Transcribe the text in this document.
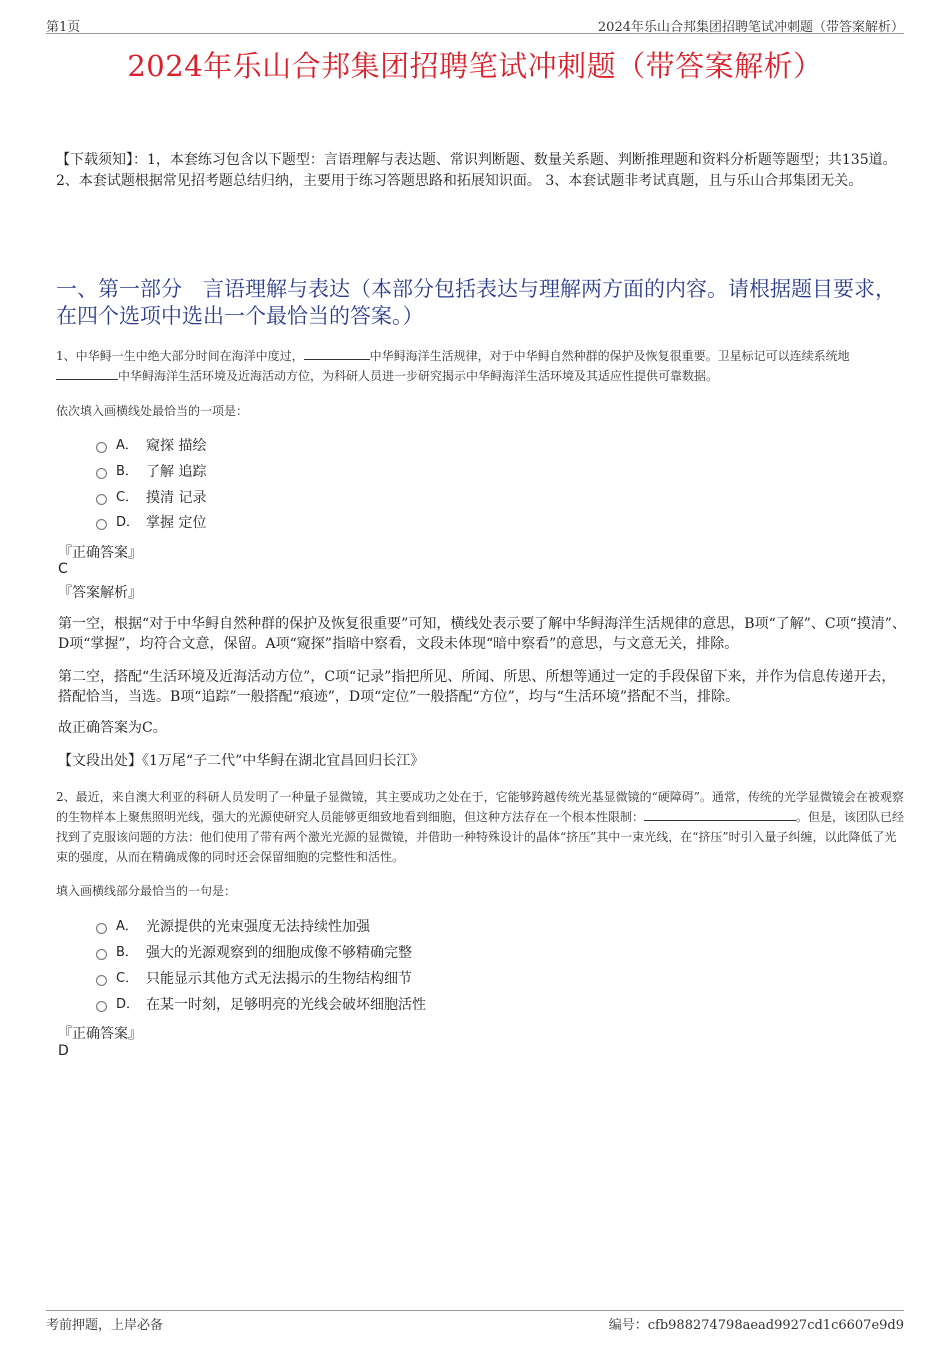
第1页	2024年乐山合邦集团招聘笔试冲刺题（带答案解析）
2024年乐山合邦集团招聘笔试冲刺题（带答案解析）
【下载须知】：1，本套练习包含以下题型：言语理解与表达题、常识判断题、数量关系题、判断推理题和资料分析题等题型；共135道。 2、本套试题根据常见招考题总结归纳，主要用于练习答题思路和拓展知识面。 3、本套试题非考试真题，且与乐山合邦集团无关。
一、第一部分　言语理解与表达（本部分包括表达与理解两方面的内容。请根据题目要求，在四个选项中选出一个最恰当的答案。）
1、中华鲟一生中绝大部分时间在海洋中度过，	中华鲟海洋生活规律，对于中华鲟自然种群的保护及恢复很重要。卫星标记可以连续系统地中华鲟海洋生活环境及近海活动方位，为科研人员进一步研究揭示中华鲟海洋生活环境及其适应性提供可靠数据。
依次填入画横线处最恰当的一项是：
A． 窥探 描绘
B． 了解 追踪
C． 摸清 记录
D． 掌握 定位
『正确答案』
C
『答案解析』
第一空，根据“对于中华鲟自然种群的保护及恢复很重要”可知，横线处表示要了解中华鲟海洋生活规律的意思，B项“了解”、C项“摸清”、D项“掌握”，均符合文意，保留。A项“窥探”指暗中察看，文段未体现“暗中察看”的意思，与文意无关，排除。
第二空，搭配“生活环境及近海活动方位”，C项“记录”指把所见、所闻、所思、所想等通过一定的手段保留下来，并作为信息传递开去，搭配恰当，当选。B项“追踪”一般搭配“痕迹”，D项“定位”一般搭配“方位”，均与“生活环境”搭配不当，排除。
故正确答案为C。
【文段出处】《1万尾“子二代”中华鲟在湖北宜昌回归长江》
2、最近，来自澳大利亚的科研人员发明了一种量子显微镜，其主要成功之处在于，它能够跨越传统光基显微镜的“硬障碍”。通常，传统的光学显微镜会在被观察的生物样本上聚焦照明光线，强大的光源使研究人员能够更细致地看到细胞，但这种方法存在一个根本性限制：	。但是，该团队已经找到了克服该问题的方法：他们使用了带有两个激光光源的显微镜，并借助一种特殊设计的晶体“挤压”其中一束光线，在“挤压”时引入量子纠缠，以此降低了光束的强度，从而在精确成像的同时还会保留细胞的完整性和活性。
填入画横线部分最恰当的一句是：
A． 光源提供的光束强度无法持续性加强
B． 强大的光源观察到的细胞成像不够精确完整
C． 只能显示其他方式无法揭示的生物结构细节
D． 在某一时刻，足够明亮的光线会破坏细胞活性
『正确答案』
D
考前押题，上岸必备	编号：cfb988274798aead9927cd1c6607e9d9
